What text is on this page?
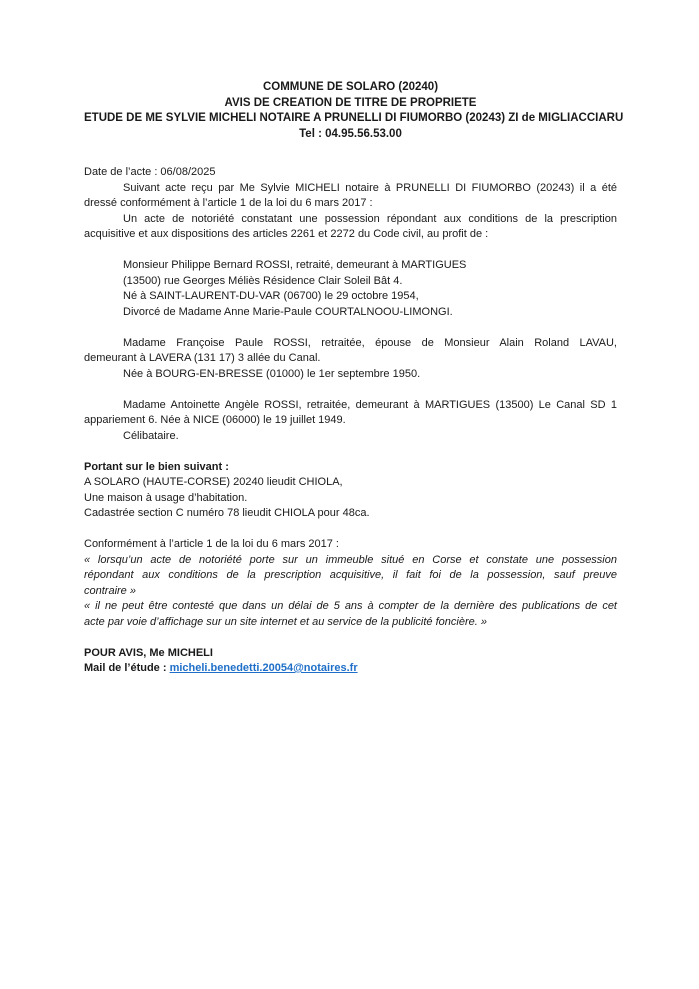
COMMUNE DE SOLARO (20240)
AVIS DE CREATION DE TITRE DE PROPRIETE
ETUDE DE ME SYLVIE MICHELI NOTAIRE A PRUNELLI DI FIUMORBO (20243) ZI de MIGLIACCIARU
Tel : 04.95.56.53.00
Date de l’acte : 06/08/2025
Suivant acte reçu par Me Sylvie MICHELI notaire à PRUNELLI DI FIUMORBO (20243) il a été
dressé conformément à l’article 1 de la loi du 6 mars 2017 :
Un acte de notoriété constatant une possession répondant aux conditions de la prescription
acquisitive et aux dispositions des articles 2261 et 2272 du Code civil, au profit de :
Monsieur Philippe Bernard ROSSI, retraité, demeurant à MARTIGUES
(13500) rue Georges Méliès Résidence Clair Soleil Bât 4.
Né à SAINT-LAURENT-DU-VAR (06700) le 29 octobre 1954,
Divorcé de Madame Anne Marie-Paule COURTALNOOU-LIMONGI.
Madame Françoise Paule ROSSI, retraitée, épouse de Monsieur Alain Roland LAVAU,
demeurant à LAVERA (131 17) 3 allée du Canal.
Née à BOURG-EN-BRESSE (01000) le 1er septembre 1950.
Madame Antoinette Angèle ROSSI, retraitée, demeurant à MARTIGUES (13500) Le Canal SD 1
appariement 6. Née à NICE (06000) le 19 juillet 1949.
Célibataire.
Portant sur le bien suivant :
A SOLARO (HAUTE-CORSE) 20240 lieudit CHIOLA,
Une maison à usage d’habitation.
Cadastrée section C numéro 78 lieudit CHIOLA pour 48ca.
Conformément à l’article 1 de la loi du 6 mars 2017 :
« lorsqu’un acte de notoriété porte sur un immeuble situé en Corse et constate une possession
répondant aux conditions de la prescription acquisitive, il fait foi de la possession, sauf preuve
contraire »
« il ne peut être contesté que dans un délai de 5 ans à compter de la dernière des publications de cet
acte par voie d’affichage sur un site internet et au service de la publicité foncière. »
POUR AVIS, Me MICHELI
Mail de l’étude : micheli.benedetti.20054@notaires.fr
